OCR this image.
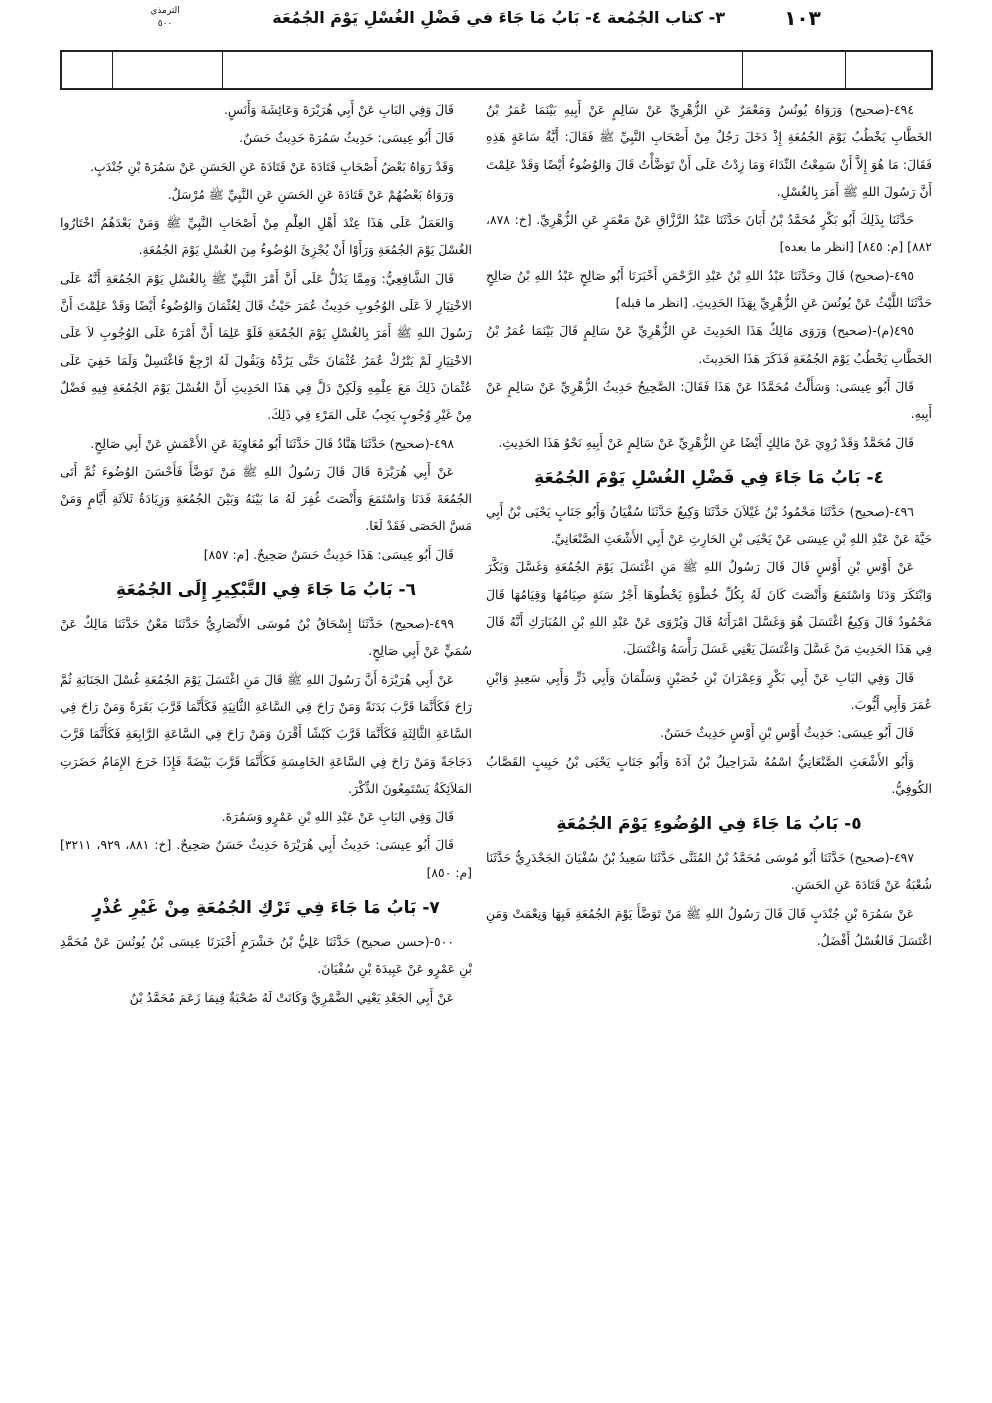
١٠٣
٣- كتاب الجُمُعة ٤- بَابُ مَا جَاءَ في فَضْلِ الغُسْلِ يَوْمَ الجُمُعَة
الترمذي
٥٠٠

٤٩٤-(صحيح) وَرَوَاهُ يُونُسُ وَمَعْمَرٌ عَنِ الزُّهْرِيِّ عَنْ سَالِمٍ عَنْ أَبِيهِ بَيْنَمَا عُمَرُ بْنُ الخَطَّابِ يَخْطُبُ يَوْمَ الجُمُعَةِ إِذْ دَخَلَ رَجُلٌ مِنْ أَصْحَابِ النَّبِيِّ ﷺ فَقَالَ: أَيَّةُ سَاعَةٍ هَذِهِ فَقَالَ: مَا هُوَ إِلاَّ أَنْ سَمِعْتُ النِّدَاءَ وَمَا زِدْتُ عَلَى أَنْ تَوَضَّأْتُ قَالَ وَالوُضُوءُ أَيْضًا وَقَدْ عَلِمْتَ أَنَّ رَسُولَ اللهِ ﷺ أَمَرَ بِالغُسْلِ.

حَدَّثَنَا بِذَلِكَ أَبُو بَكْرٍ مُحَمَّدُ بْنُ أَبَانَ حَدَّثَنَا عَبْدُ الرَّزَّاقِ عَنْ مَعْمَرٍ عَنِ الزُّهْرِيِّ. [خ: ٨٧٨، ٨٨٢] [م: ٨٤٥] [انظر ما بعده]

٤٩٥-(صحيح) قَالَ وحَدَّثَنَا عَبْدُ اللهِ بْنُ عَبْدِ الرَّحْمَنِ أَخْبَرَنَا أَبُو صَالِحٍ عَبْدُ اللهِ بْنُ صَالِحٍ حَدَّثَنَا اللَّيْثُ عَنْ يُونُسَ عَنِ الزُّهْرِيِّ بِهَذَا الحَدِيثِ. [انظر ما قبله]

٤٩٥(م)-(صحيح) وَرَوَى مَالِكٌ هَذَا الحَدِيثَ عَنِ الزُّهْرِيِّ عَنْ سَالِمٍ قَالَ بَيْنَمَا عُمَرُ بْنُ الخَطَّابِ يَخْطُبُ يَوْمَ الجُمُعَةِ فَذَكَرَ هَذَا الحَدِيثَ.

قَالَ أَبُو عِيسَى: وَسَأَلْتُ مُحَمَّدًا عَنْ هَذَا فَقَالَ: الصَّحِيحُ حَدِيثُ الزُّهْرِيِّ عَنْ سَالِمٍ عَنْ أَبِيهِ.

قَالَ مُحَمَّدٌ وَقَدْ رُوِيَ عَنْ مَالِكٍ أَيْضًا عَنِ الزُّهْرِيِّ عَنْ سَالِمٍ عَنْ أَبِيهِ نَحْوُ هَذَا الحَدِيثِ.

٤- بَابُ مَا جَاءَ فِي فَضْلِ الغُسْلِ يَوْمَ الجُمُعَةِ

٤٩٦-(صحيح) حَدَّثَنَا مَحْمُودُ بْنُ غَيْلاَنَ حَدَّثَنَا وَكِيعٌ حَدَّثَنَا سُفْيَانُ وَأَبُو جَنَابٍ يَحْيَى بْنُ أَبِي حَيَّةَ عَنْ عَبْدِ اللهِ بْنِ عِيسَى عَنْ يَحْيَى بْنِ الحَارِثِ عَنْ أَبِي الأَشْعَثِ الصَّنْعَانِيِّ.

عَنْ أَوْسِ بْنِ أَوْسٍ قَالَ قَالَ رَسُولُ اللهِ ﷺ مَنِ اغْتَسَلَ يَوْمَ الجُمُعَةِ وَغَسَّلَ وَبَكَّرَ وَابْتَكَرَ وَدَنَا وَاسْتَمَعَ وَأَنْصَتَ كَانَ لَهُ بِكُلِّ خُطْوَةٍ يَخْطُوهَا أَجْرُ سَنَةٍ صِيَامُهَا وَقِيَامُهَا قَالَ مَحْمُودٌ قَالَ وَكِيعٌ اغْتَسَلَ هُوَ وَغَسَّلَ امْرَأَتَهُ قَالَ وَيُرْوَى عَنْ عَبْدِ اللهِ بْنِ المُبَارَكِ أَنَّهُ قَالَ فِي هَذَا الحَدِيثِ مَنْ غَسَّلَ وَاغْتَسَلَ يَعْنِي غَسَلَ رَأْسَهُ وَاغْتَسَلَ.

قَالَ وَفِي البَابِ عَنْ أَبِي بَكْرٍ وَعِمْرَانَ بْنِ حُصَيْنٍ وَسَلْمَانَ وَأَبِي ذَرٍّ وَأَبِي سَعِيدٍ وَابْنِ عُمَرَ وَأَبِي أَيُّوبَ.

قَالَ أَبُو عِيسَى: حَدِيثُ أَوْسِ بْنِ أَوْسٍ حَدِيثٌ حَسَنٌ.

وَأَبُو الأَشْعَثِ الصَّنْعَانِيُّ اسْمُهُ شَرَاحِيلُ بْنُ آدَةَ وَأَبُو جَنَابٍ يَحْيَى بْنُ حَبِيبٍ القَصَّابُ الكُوفِيُّ.

٥- بَابُ مَا جَاءَ فِي الوُضُوءِ يَوْمَ الجُمُعَةِ

٤٩٧-(صحيح) حَدَّثَنَا أَبُو مُوسَى مُحَمَّدُ بْنُ المُثَنَّى حَدَّثَنَا سَعِيدُ بْنُ سُفْيَانَ الجَحْدَرِيُّ حَدَّثَنَا شُعْبَةُ عَنْ قَتَادَةَ عَنِ الحَسَنِ.

عَنْ سَمُرَةَ بْنِ جُنْدَبٍ قَالَ قَالَ رَسُولُ اللهِ ﷺ مَنْ تَوَضَّأَ يَوْمَ الجُمُعَةِ فَبِهَا وَنِعْمَتْ وَمَنِ اغْتَسَلَ فَالغُسْلُ أَفْضَلُ.

قَالَ وَفِي البَابِ عَنْ أَبِي هُرَيْرَةَ وَعَائِشَةَ وَأَنَسٍ.

قَالَ أَبُو عِيسَى: حَدِيثُ سَمُرَةَ حَدِيثٌ حَسَنٌ.

وَقَدْ رَوَاهُ بَعْضُ أَصْحَابِ قَتَادَةَ عَنْ قَتَادَةَ عَنِ الحَسَنِ عَنْ سَمُرَةَ بْنِ جُنْدَبٍ.

وَرَوَاهُ بَعْضُهُمْ عَنْ قَتَادَةَ عَنِ الحَسَنِ عَنِ النَّبِيِّ ﷺ مُرْسَلٌ.

وَالعَمَلُ عَلَى هَذَا عِنْدَ أَهْلِ العِلْمِ مِنْ أَصْحَابِ النَّبِيِّ ﷺ وَمَنْ بَعْدَهُمُ اخْتَارُوا الغُسْلَ يَوْمَ الجُمُعَةِ وَرَأَوْا أَنْ يُجْزِئَ الوُضُوءُ مِنَ الغُسْلِ يَوْمَ الجُمُعَةِ.

قَالَ الشَّافِعِيُّ: وَمِمَّا يَدُلُّ عَلَى أَنَّ أَمْرَ النَّبِيِّ ﷺ بِالغُسْلِ يَوْمَ الجُمُعَةِ أَنَّهُ عَلَى الاخْتِيَارِ لاَ عَلَى الوُجُوبِ حَدِيثُ عُمَرَ حَيْثُ قَالَ لِعُثْمَانَ وَالوُضُوءُ أَيْضًا وَقَدْ عَلِمْتَ أَنَّ رَسُولَ اللهِ ﷺ أَمَرَ بِالغُسْلِ يَوْمَ الجُمُعَةِ فَلَوْ عَلِمَا أَنَّ أَمْرَهُ عَلَى الوُجُوبِ لاَ عَلَى الاخْتِيَارِ لَمْ يَتْرُكْ عُمَرُ عُثْمَانَ حَتَّى يَرُدَّهُ وَيَقُولَ لَهُ ارْجِعْ فَاغْتَسِلْ وَلَمَا خَفِيَ عَلَى عُثْمَانَ ذَلِكَ مَعَ عِلْمِهِ وَلَكِنْ دَلَّ فِي هَذَا الحَدِيثِ أَنَّ الغُسْلَ يَوْمَ الجُمُعَةِ فِيهِ فَضْلٌ مِنْ غَيْرِ وُجُوبٍ يَجِبُ عَلَى المَرْءِ فِي ذَلِكَ.

٤٩٨-(صحيح) حَدَّثَنَا هَنَّادٌ قَالَ حَدَّثَنَا أَبُو مُعَاوِيَةَ عَنِ الأَعْمَشِ عَنْ أَبِي صَالِحٍ.

عَنْ أَبِي هُرَيْرَةَ قَالَ قَالَ رَسُولُ اللهِ ﷺ مَنْ تَوَضَّأَ فَأَحْسَنَ الوُضُوءَ ثُمَّ أَتَى الجُمُعَةَ فَدَنَا وَاسْتَمَعَ وَأَنْصَتَ غُفِرَ لَهُ مَا بَيْنَهُ وَبَيْنَ الجُمُعَةِ وَزِيَادَةُ ثَلاَثَةِ أَيَّامٍ وَمَنْ مَسَّ الحَصَى فَقَدْ لَغَا.

قَالَ أَبُو عِيسَى: هَذَا حَدِيثٌ حَسَنٌ صَحِيحٌ. [م: ٨٥٧]

٦- بَابُ مَا جَاءَ فِي التَّبْكِيرِ إِلَى الجُمُعَةِ

٤٩٩-(صحيح) حَدَّثَنَا إِسْحَاقُ بْنُ مُوسَى الأَنْصَارِيُّ حَدَّثَنَا مَعْنٌ حَدَّثَنَا مَالِكٌ عَنْ سُمَيٍّ عَنْ أَبِي صَالِحٍ.

عَنْ أَبِي هُرَيْرَةَ أَنَّ رَسُولَ اللهِ ﷺ قَالَ مَنِ اغْتَسَلَ يَوْمَ الجُمُعَةِ غُسْلَ الجَنَابَةِ ثُمَّ رَاحَ فَكَأَنَّمَا قَرَّبَ بَدَنَةً وَمَنْ رَاحَ فِي السَّاعَةِ الثَّانِيَةِ فَكَأَنَّمَا قَرَّبَ بَقَرَةً وَمَنْ رَاحَ فِي السَّاعَةِ الثَّالِثَةِ فَكَأَنَّمَا قَرَّبَ كَبْشًا أَقْرَنَ وَمَنْ رَاحَ فِي السَّاعَةِ الرَّابِعَةِ فَكَأَنَّمَا قَرَّبَ دَجَاجَةً وَمَنْ رَاحَ فِي السَّاعَةِ الخَامِسَةِ فَكَأَنَّمَا قَرَّبَ بَيْضَةً فَإِذَا خَرَجَ الإِمَامُ حَضَرَتِ المَلاَئِكَةُ يَسْتَمِعُونَ الذِّكْرَ.

قَالَ وَفِي البَابِ عَنْ عَبْدِ اللهِ بْنِ عَمْرٍو وَسَمُرَةَ.

قَالَ أَبُو عِيسَى: حَدِيثُ أَبِي هُرَيْرَةَ حَدِيثٌ حَسَنٌ صَحِيحٌ. [خ: ٨٨١، ٩٢٩، ٣٢١١] [م: ٨٥٠]

٧- بَابُ مَا جَاءَ فِي تَرْكِ الجُمُعَةِ مِنْ غَيْرِ عُذْرٍ

٥٠٠-(حسن صحيح) حَدَّثَنَا عَلِيُّ بْنُ خَشْرَمٍ أَخْبَرَنَا عِيسَى بْنُ يُونُسَ عَنْ مُحَمَّدِ بْنِ عَمْرٍو عَنْ عَبِيدَةَ بْنِ سُفْيَانَ.

عَنْ أَبِي الجَعْدِ يَعْنِي الضَّمْرِيَّ وَكَانَتْ لَهُ صُحْبَةٌ فِيمَا زَعَمَ مُحَمَّدُ بْنُ
